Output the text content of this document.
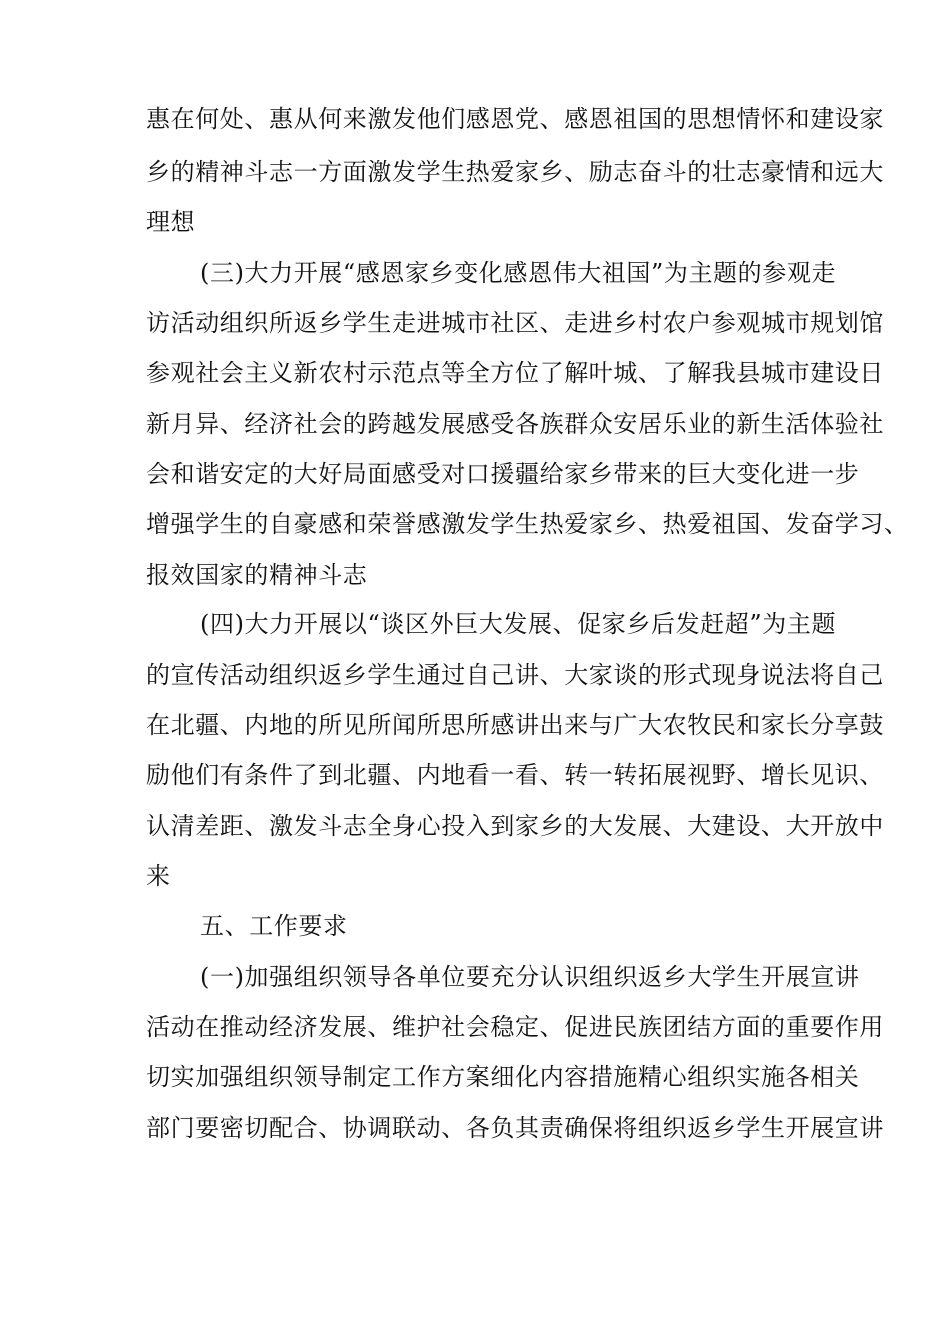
惠在何处、惠从何来激发他们感恩党、感恩祖国的思想情怀和建设家
乡的精神斗志一方面激发学生热爱家乡、励志奋斗的壮志豪情和远大
理想
(三)大力开展“感恩家乡变化感恩伟大祖国”为主题的参观走
访活动组织所返乡学生走进城市社区、走进乡村农户参观城市规划馆
参观社会主义新农村示范点等全方位了解叶城、了解我县城市建设日
新月异、经济社会的跨越发展感受各族群众安居乐业的新生活体验社
会和谐安定的大好局面感受对口援疆给家乡带来的巨大变化进一步
增强学生的自豪感和荣誉感激发学生热爱家乡、热爱祖国、发奋学习、
报效国家的精神斗志
(四)大力开展以“谈区外巨大发展、促家乡后发赶超”为主题
的宣传活动组织返乡学生通过自己讲、大家谈的形式现身说法将自己
在北疆、内地的所见所闻所思所感讲出来与广大农牧民和家长分享鼓
励他们有条件了到北疆、内地看一看、转一转拓展视野、增长见识、
认清差距、激发斗志全身心投入到家乡的大发展、大建设、大开放中
来
五、工作要求
(一)加强组织领导各单位要充分认识组织返乡大学生开展宣讲
活动在推动经济发展、维护社会稳定、促进民族团结方面的重要作用
切实加强组织领导制定工作方案细化内容措施精心组织实施各相关
部门要密切配合、协调联动、各负其责确保将组织返乡学生开展宣讲
